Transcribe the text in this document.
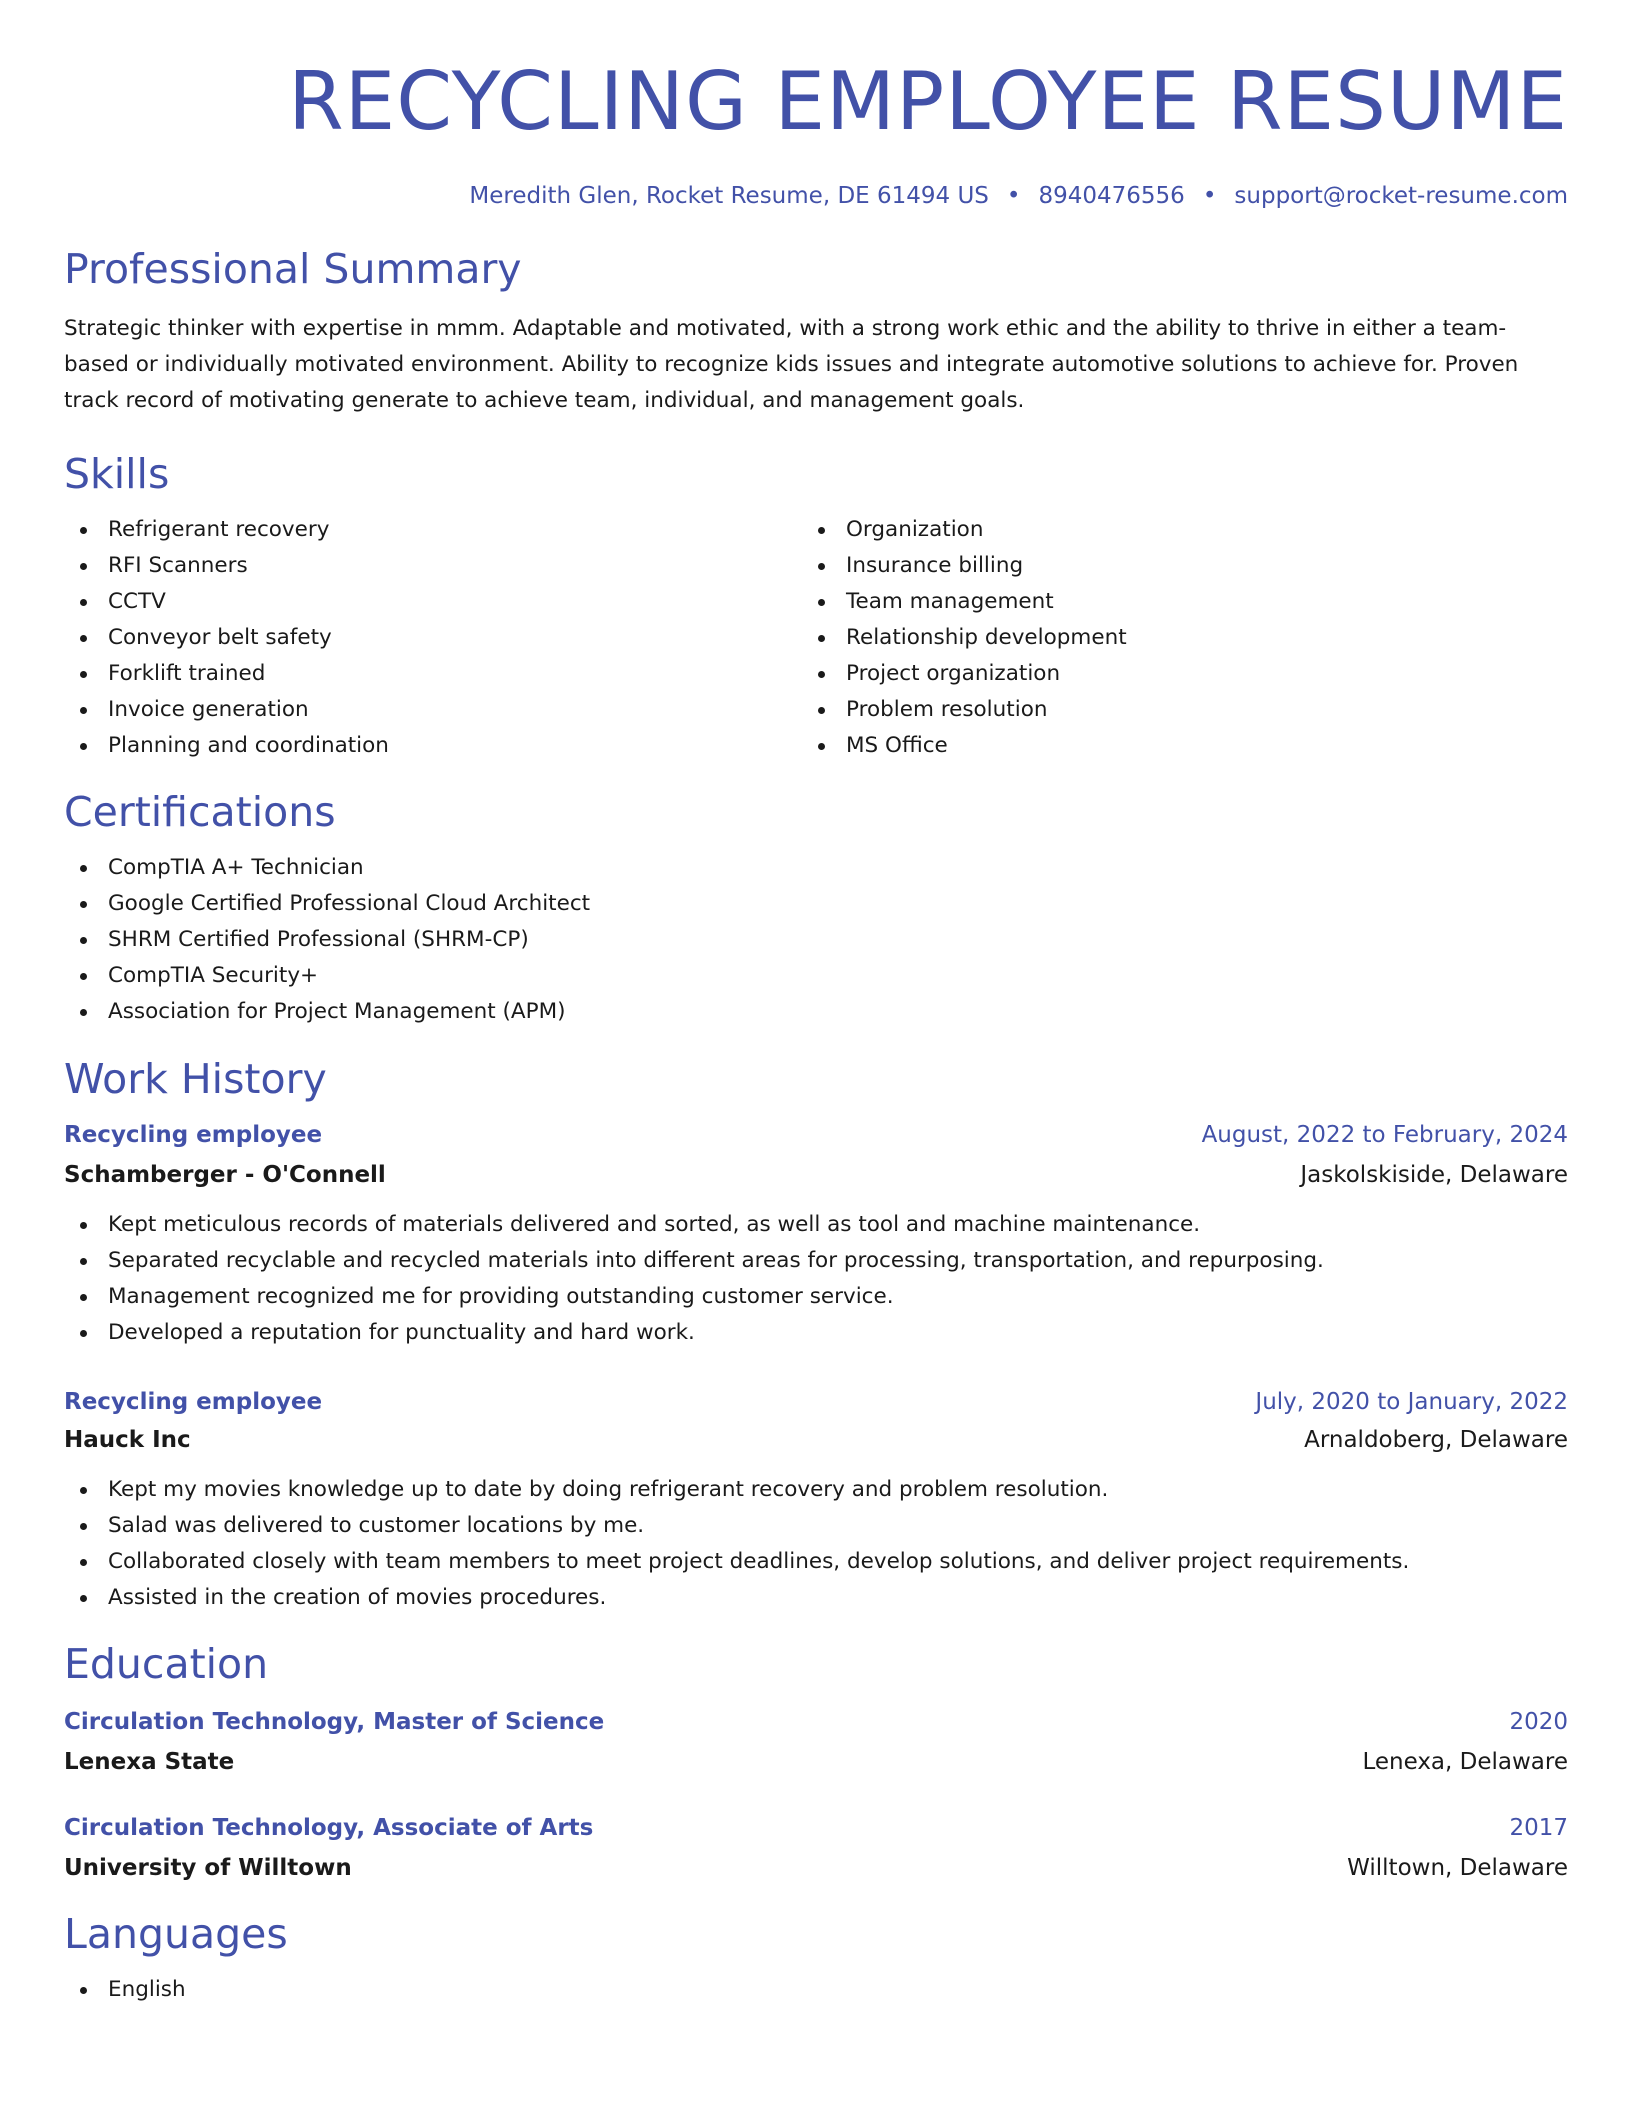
RECYCLING EMPLOYEE RESUME
Meredith Glen, Rocket Resume, DE 61494 US • 8940476556 • support@rocket-resume.com
Professional Summary

Strategic thinker with expertise in mmm. Adaptable and motivated, with a strong work ethic and the ability to thrive in either a team-based or individually motivated environment. Ability to recognize kids issues and integrate automotive solutions to achieve for. Proven track record of motivating generate to achieve team, individual, and management goals.

Skills
Refrigerant recovery
RFI Scanners
CCTV
Conveyor belt safety
Forklift trained
Invoice generation
Planning and coordination
Organization
Insurance billing
Team management
Relationship development
Project organization
Problem resolution
MS Office
Certifications
CompTIA A+ Technician
Google Certified Professional Cloud Architect
SHRM Certified Professional (SHRM-CP)
CompTIA Security+
Association for Project Management (APM)
Work History
Recycling employee	August, 2022 to February, 2024
Schamberger - O'Connell	Jaskolskiside, Delaware
Kept meticulous records of materials delivered and sorted, as well as tool and machine maintenance.
Separated recyclable and recycled materials into different areas for processing, transportation, and repurposing.
Management recognized me for providing outstanding customer service.
Developed a reputation for punctuality and hard work.
Recycling employee	July, 2020 to January, 2022
Hauck Inc	Arnaldoberg, Delaware
Kept my movies knowledge up to date by doing refrigerant recovery and problem resolution.
Salad was delivered to customer locations by me.
Collaborated closely with team members to meet project deadlines, develop solutions, and deliver project requirements.
Assisted in the creation of movies procedures.
Education
Circulation Technology, Master of Science	2020
Lenexa State	Lenexa, Delaware
Circulation Technology, Associate of Arts	2017
University of Willtown	Willtown, Delaware
Languages
English
